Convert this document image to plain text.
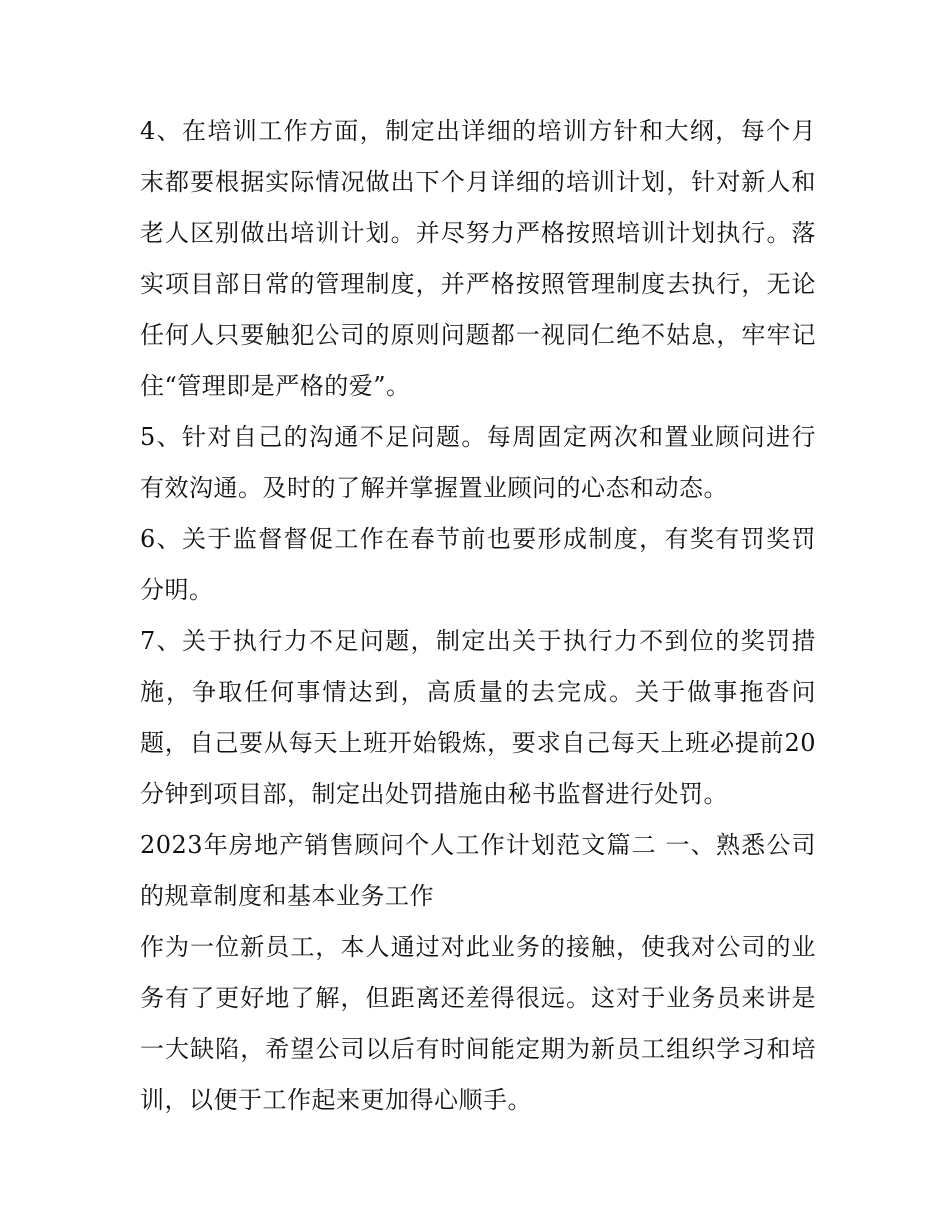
4、在培训工作方面，制定出详细的培训方针和大纲，每个月末都要根据实际情况做出下个月详细的培训计划，针对新人和老人区别做出培训计划。并尽努力严格按照培训计划执行。落实项目部日常的管理制度，并严格按照管理制度去执行，无论任何人只要触犯公司的原则问题都一视同仁绝不姑息，牢牢记住“管理即是严格的爱”。

5、针对自己的沟通不足问题。每周固定两次和置业顾问进行有效沟通。及时的了解并掌握置业顾问的心态和动态。

6、关于监督督促工作在春节前也要形成制度，有奖有罚奖罚分明。

7、关于执行力不足问题，制定出关于执行力不到位的奖罚措施，争取任何事情达到，高质量的去完成。关于做事拖沓问题，自己要从每天上班开始锻炼，要求自己每天上班必提前20分钟到项目部，制定出处罚措施由秘书监督进行处罚。

2023年房地产销售顾问个人工作计划范文篇二 一、熟悉公司的规章制度和基本业务工作

作为一位新员工，本人通过对此业务的接触，使我对公司的业务有了更好地了解，但距离还差得很远。这对于业务员来讲是一大缺陷，希望公司以后有时间能定期为新员工组织学习和培训，以便于工作起来更加得心顺手。
